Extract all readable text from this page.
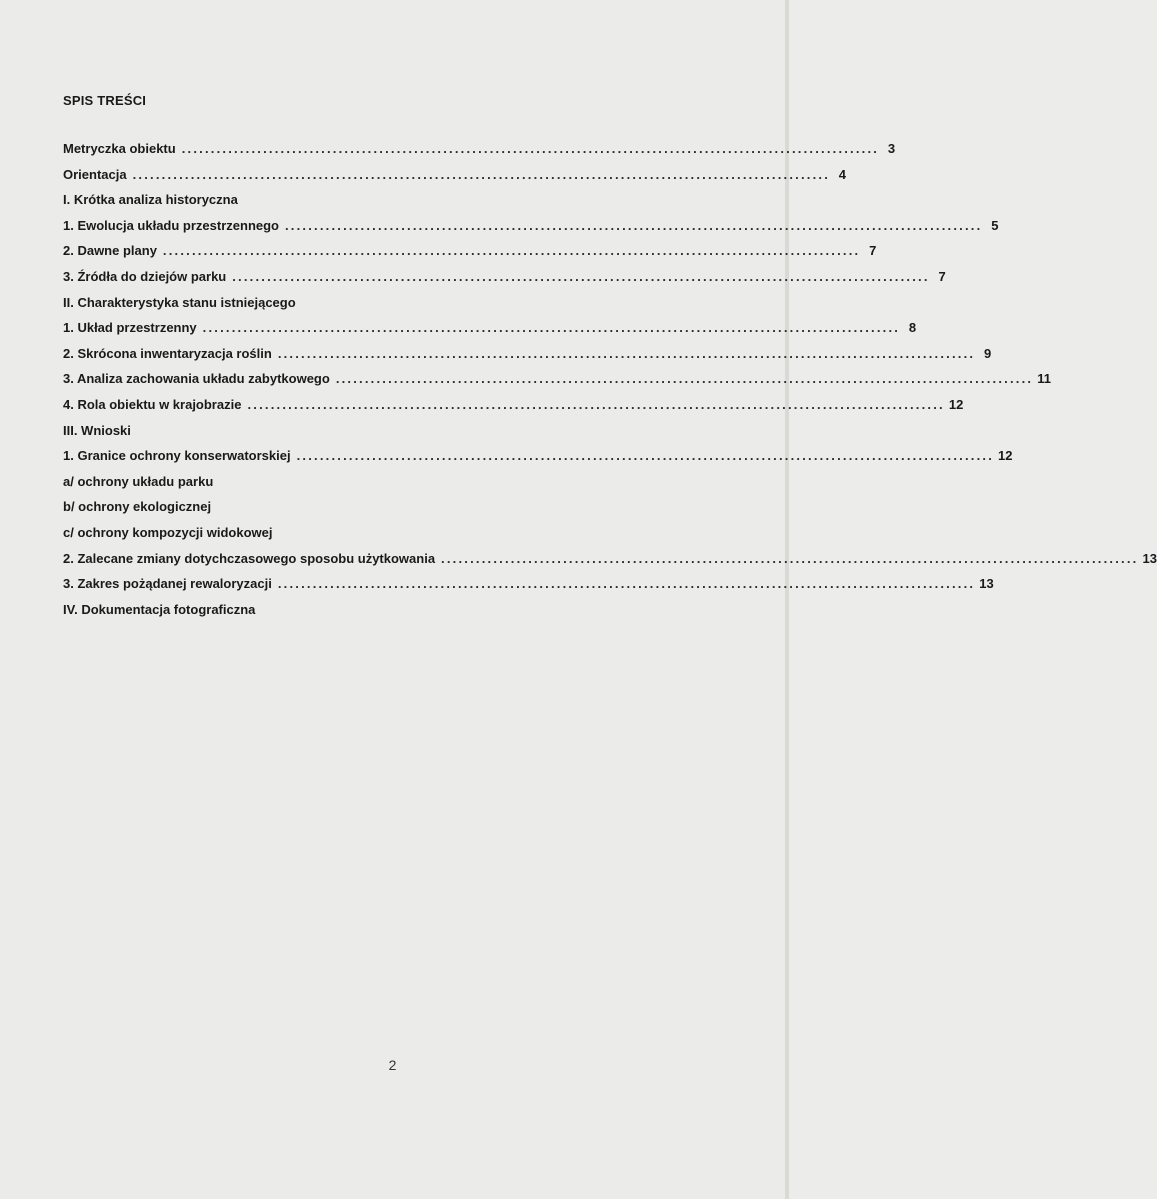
SPIS TREŚCI
Metryczka obiektu ........................................................................................................................ 3
Orientacja ........................................................................................................................ 4
I. Krótka analiza historyczna
1. Ewolucja układu przestrzennego ........................................................................................................................ 5
2. Dawne plany ........................................................................................................................ 7
3. Źródła do dziejów parku ........................................................................................................................ 7
II. Charakterystyka stanu istniejącego
1. Układ przestrzenny ........................................................................................................................ 8
2. Skrócona inwentaryzacja roślin ........................................................................................................................ 9
3. Analiza zachowania układu zabytkowego ........................................................................................................................ 11
4. Rola obiektu w krajobrazie ........................................................................................................................ 12
III. Wnioski
1. Granice ochrony konserwatorskiej ........................................................................................................................ 12
a/ ochrony układu parku
b/ ochrony ekologicznej
c/ ochrony kompozycji widokowej
2. Zalecane zmiany dotychczasowego sposobu użytkowania ........................................................................................................................ 13
3. Zakres pożądanej rewaloryzacji ........................................................................................................................ 13
IV. Dokumentacja fotograficzna
2
